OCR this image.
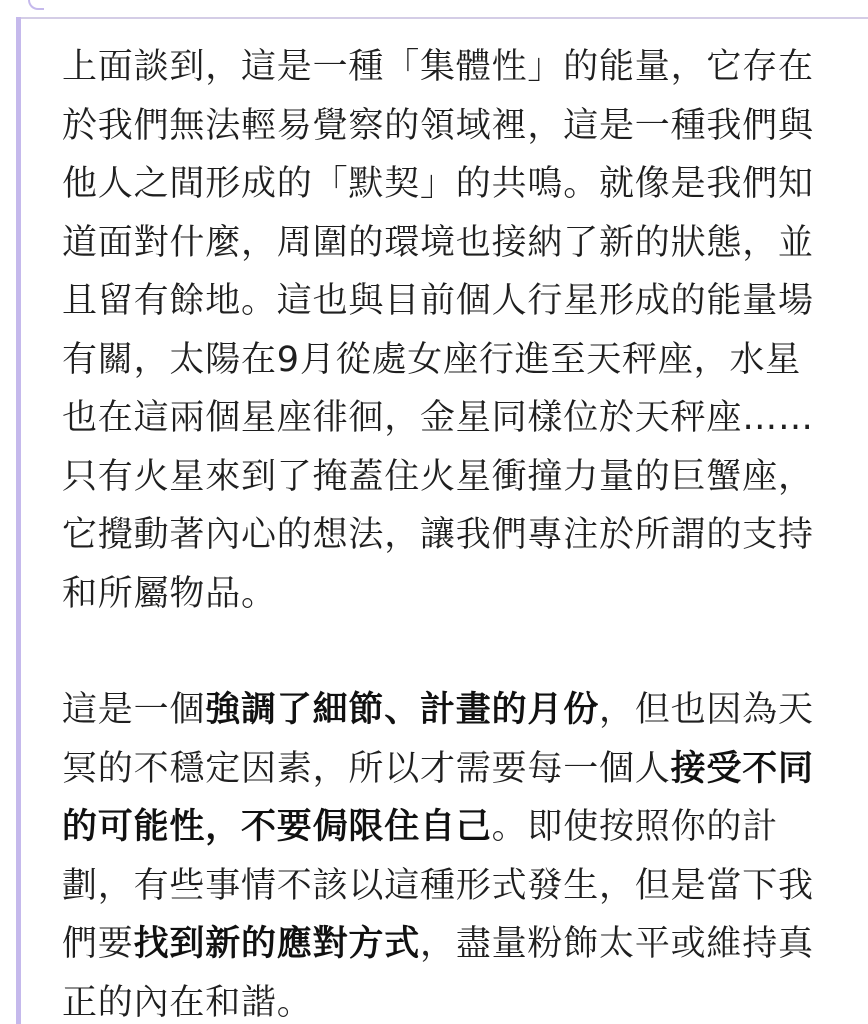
上面談到，這是一種「集體性」的能量，它存在於我們無法輕易覺察的領域裡，這是一種我們與他人之間形成的「默契」的共鳴。就像是我們知道面對什麼，周圍的環境也接納了新的狀態，並且留有餘地。這也與目前個人行星形成的能量場有關，太陽在9月從處女座行進至天秤座，水星也在這兩個星座徘徊，金星同樣位於天秤座……只有火星來到了掩蓋住火星衝撞力量的巨蟹座，它攪動著內心的想法，讓我們專注於所謂的支持和所屬物品。

這是一個強調了細節、計畫的月份，但也因為天冥的不穩定因素，所以才需要每一個人接受不同的可能性，不要侷限住自己。即使按照你的計劃，有些事情不該以這種形式發生，但是當下我們要找到新的應對方式，盡量粉飾太平或維持真正的內在和諧。
